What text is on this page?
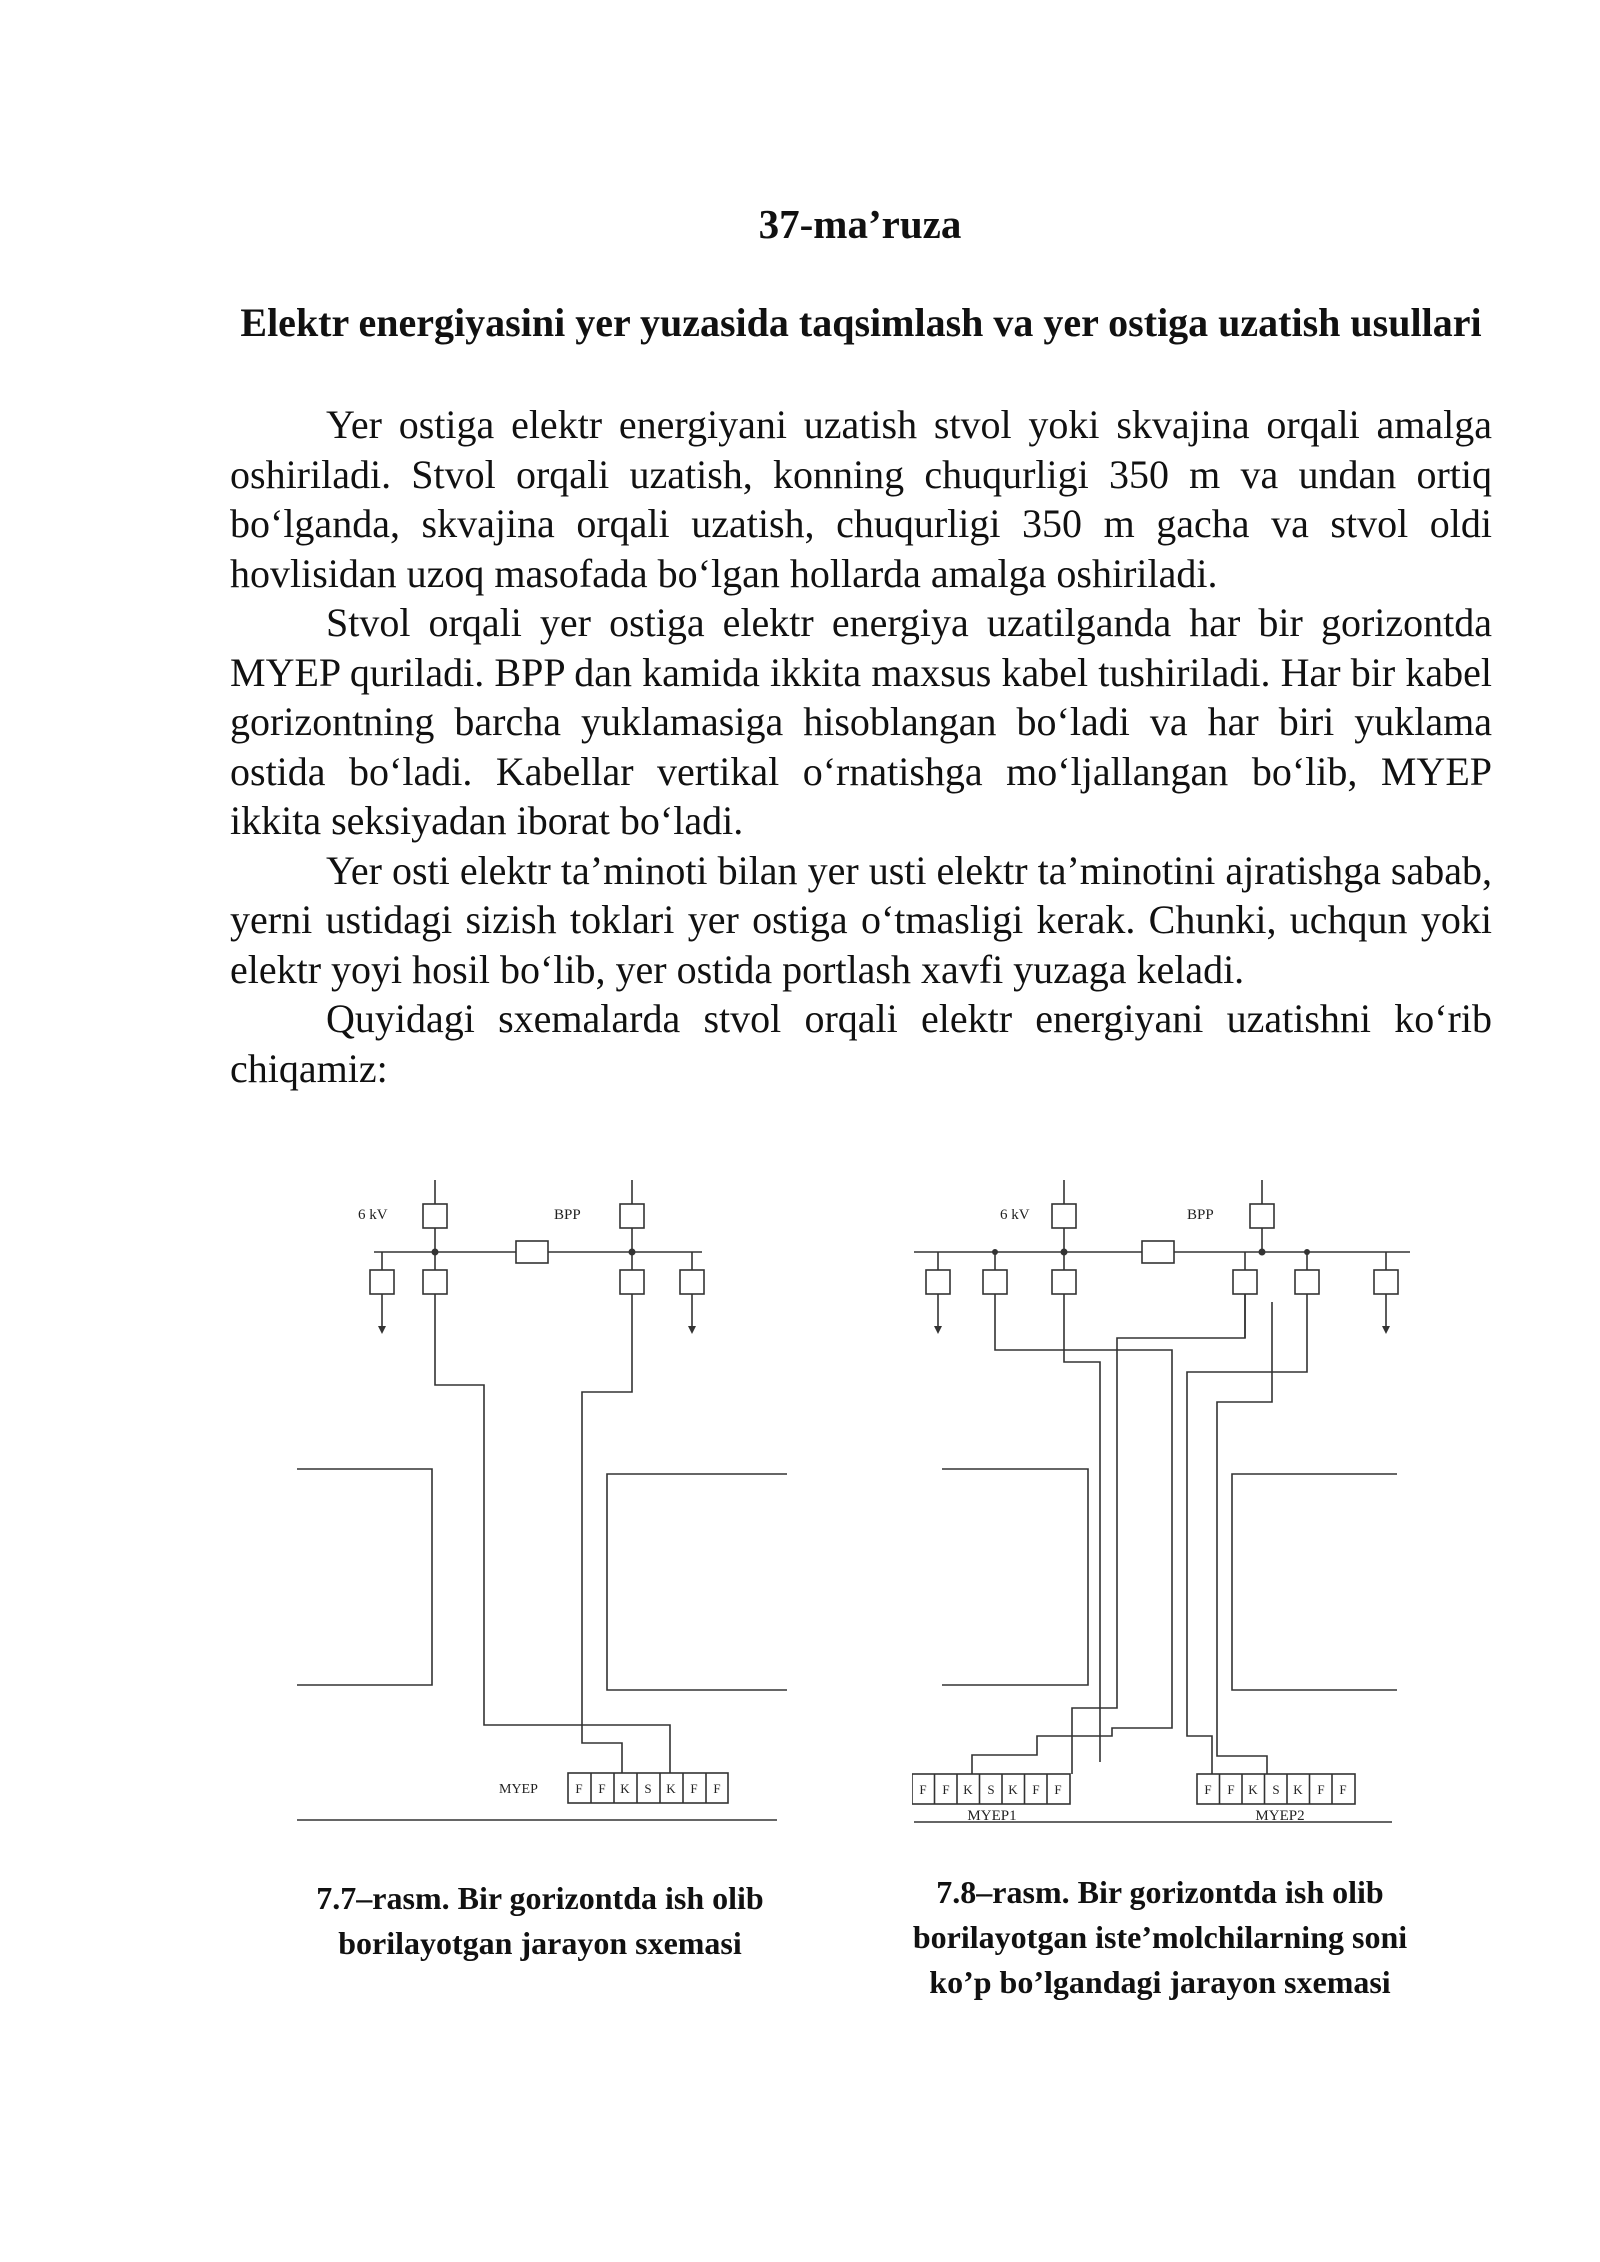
37-ma’ruza
Elektr energiyasini yer yuzasida taqsimlash va yer ostiga uzatish usullari

Yer ostiga elektr energiyani uzatish stvol yoki skvajina orqali amalga oshiriladi. Stvol orqali uzatish, konning chuqurligi 350 m va undan ortiq bo‘lganda, skvajina orqali uzatish, chuqurligi 350 m gacha va stvol oldi hovlisidan uzoq masofada bo‘lgan hollarda amalga oshiriladi.

Stvol orqali yer ostiga elektr energiya uzatilganda har bir gorizontda MYEP quriladi. BPP dan kamida ikkita maxsus kabel tushiriladi. Har bir kabel gorizontning barcha yuklamasiga hisoblangan bo‘ladi va har biri yuklama ostida bo‘ladi. Kabellar vertikal o‘rnatishga mo‘ljallangan bo‘lib, MYEP ikkita seksiyadan iborat bo‘ladi.

Yer osti elektr ta’minoti bilan yer usti elektr ta’minotini ajratishga sabab, yerni ustidagi sizish toklari yer ostiga o‘tmasligi kerak. Chunki, uchqun yoki elektr yoyi hosil bo‘lib, yer ostida portlash xavfi yuzaga keladi.

Quyidagi sxemalarda stvol orqali elektr energiyani uzatishni ko‘rib chiqamiz:

6 kV	BPP
MYEP	F F K S K F F
6 kV	BPP
F F K S K F F	F F K S K F F
MYEP1	MYEP2
7.7–rasm. Bir gorizontda ish olib
borilayotgan jarayon sxemasi
7.8–rasm. Bir gorizontda ish olib
borilayotgan iste’molchilarning soni
ko’p bo’lgandagi jarayon sxemasi
